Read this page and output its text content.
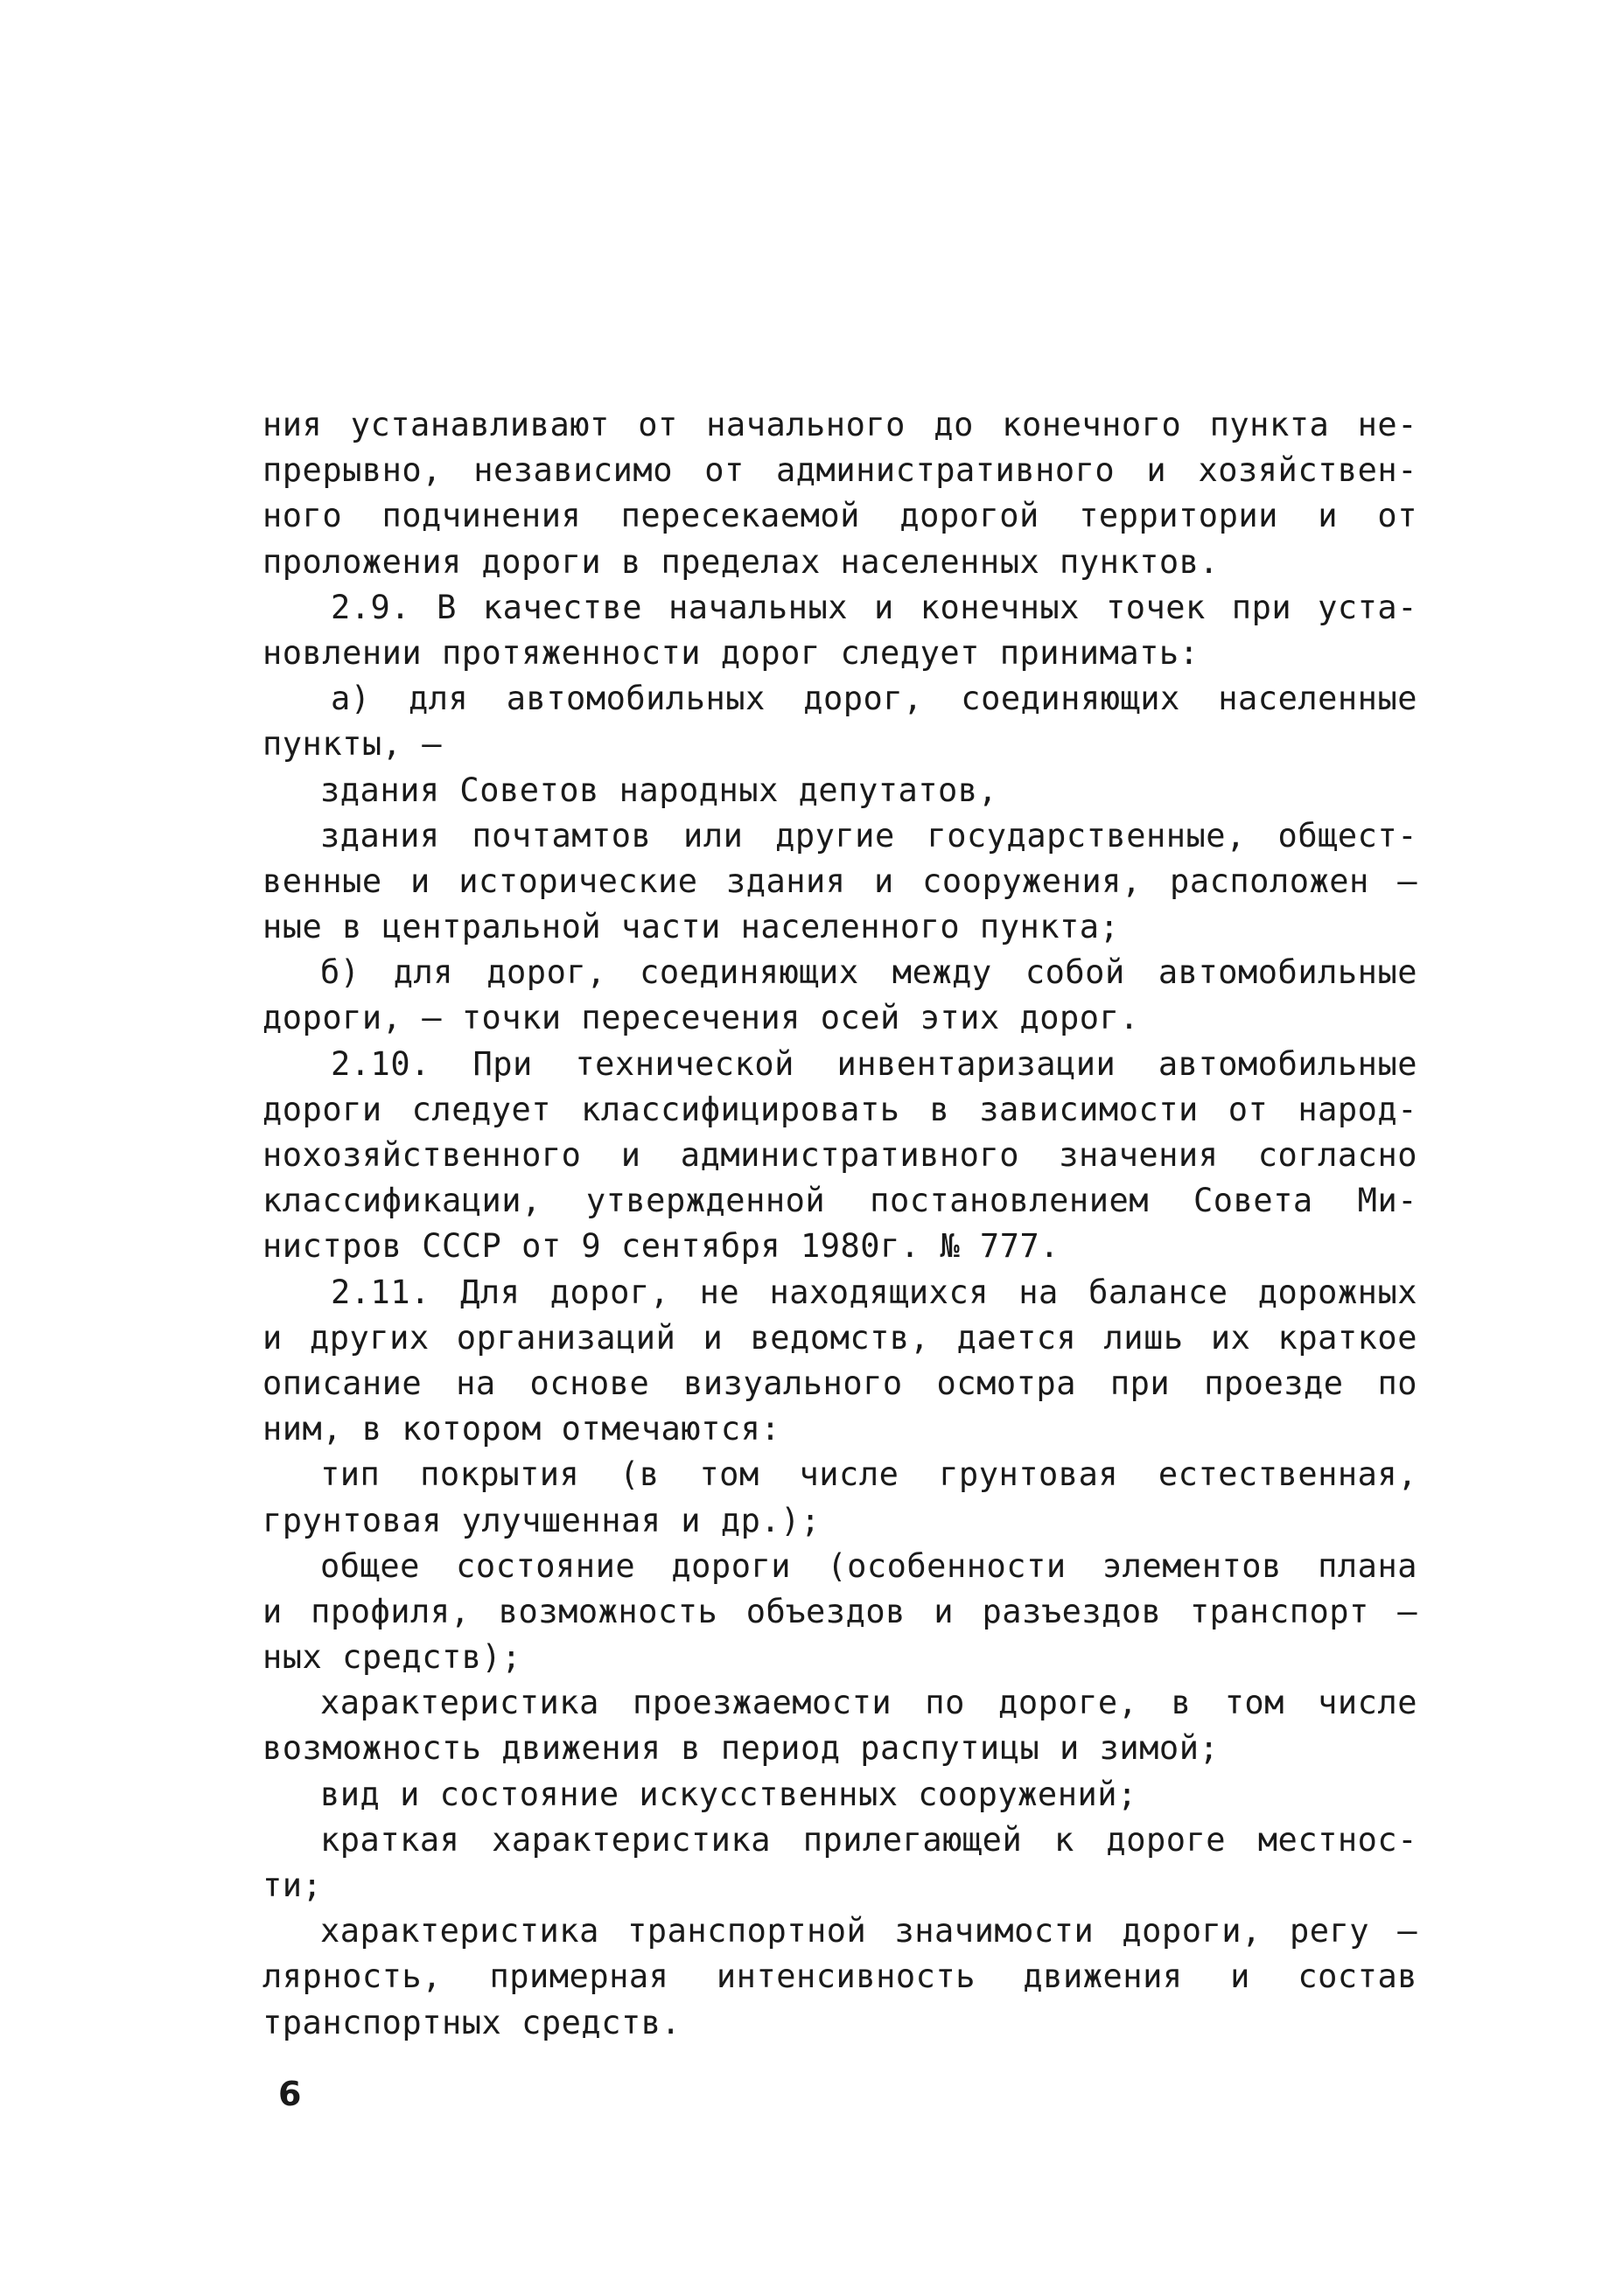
ния устанавливают от начального до конечного пункта не-
прерывно, независимо от административного и хозяйствен-
ного подчинения пересекаемой дорогой территории и от
проложения дороги в пределах населенных пунктов.
2.9. В качестве начальных и конечных точек при уста-
новлении протяженности дорог следует принимать:
а) для автомобильных дорог, соединяющих населенные
пункты, –
здания Советов народных депутатов,
здания почтамтов или другие государственные, общест-
венные и исторические здания и сооружения, расположен –
ные в центральной части населенного пункта;
б) для дорог, соединяющих между собой автомобильные
дороги, – точки пересечения осей этих дорог.
2.10. При технической инвентаризации автомобильные
дороги следует классифицировать в зависимости от народ-
нохозяйственного и административного значения согласно
классификации, утвержденной постановлением Совета Ми-
нистров СССР от 9 сентября 1980г. № 777.
2.11. Для дорог, не находящихся на балансе дорожных
и других организаций и ведомств, дается лишь их краткое
описание на основе визуального осмотра при проезде по
ним, в котором отмечаются:
тип покрытия (в том числе грунтовая естественная,
грунтовая улучшенная и др.);
общее состояние дороги (особенности элементов плана
и профиля, возможность объездов и разъездов транспорт –
ных средств);
характеристика проезжаемости по дороге, в том числе
возможность движения в период распутицы и зимой;
вид и состояние искусственных сооружений;
краткая характеристика прилегающей к дороге местнос-
ти;
характеристика транспортной значимости дороги, регу –
лярность, примерная интенсивность движения и состав
транспортных средств.
6
